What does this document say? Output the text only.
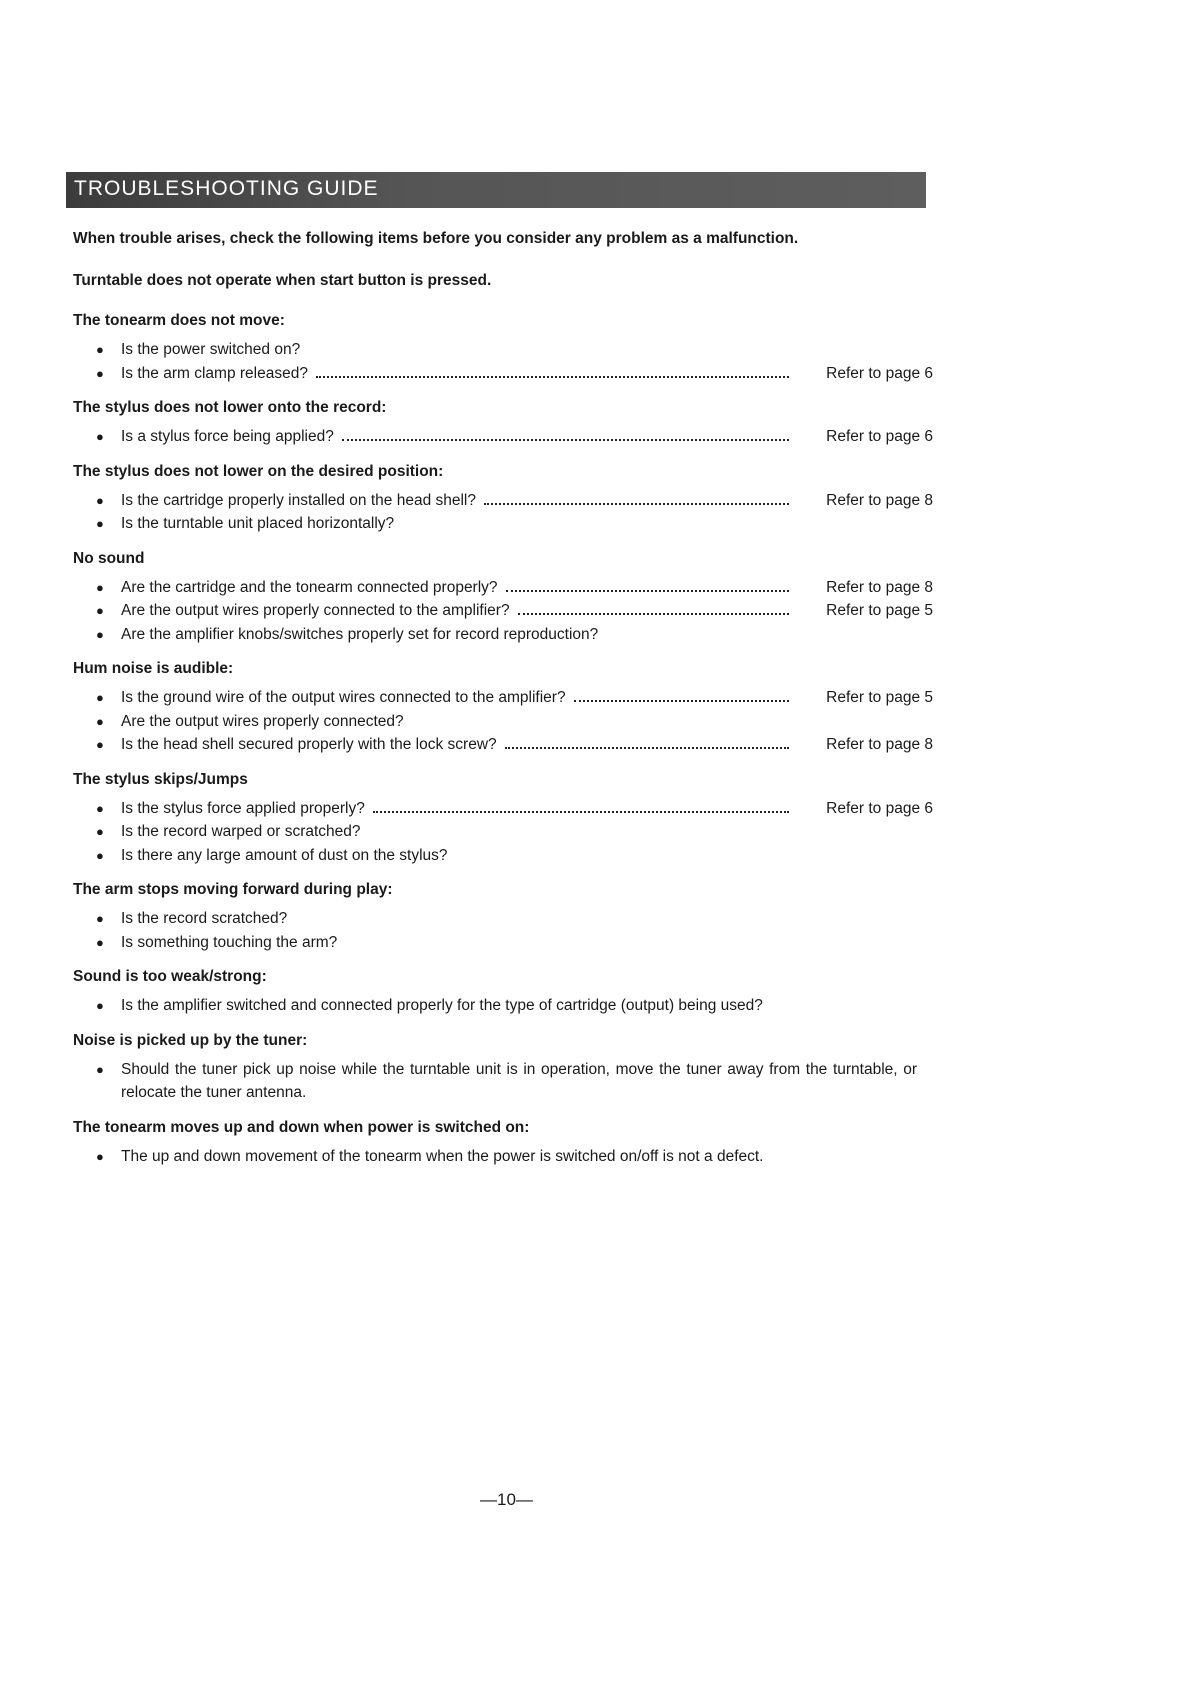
TROUBLESHOOTING GUIDE

When trouble arises, check the following items before you consider any problem as a malfunction.

Turntable does not operate when start button is pressed.

The tonearm does not move:

●	Is the power switched on?
●	Is the arm clamp released?	Refer to page 6

The stylus does not lower onto the record:

●	Is a stylus force being applied?	Refer to page 6

The stylus does not lower on the desired position:

●	Is the cartridge properly installed on the head shell?	Refer to page 8
●	Is the turntable unit placed horizontally?

No sound

●	Are the cartridge and the tonearm connected properly?	Refer to page 8
●	Are the output wires properly connected to the amplifier?	Refer to page 5
●	Are the amplifier knobs/switches properly set for record reproduction?

Hum noise is audible:

●	Is the ground wire of the output wires connected to the amplifier?	Refer to page 5
●	Are the output wires properly connected?
●	Is the head shell secured properly with the lock screw?	Refer to page 8

The stylus skips/Jumps

●	Is the stylus force applied properly?	Refer to page 6
●	Is the record warped or scratched?
●	Is there any large amount of dust on the stylus?

The arm stops moving forward during play:

●	Is the record scratched?
●	Is something touching the arm?

Sound is too weak/strong:

●	Is the amplifier switched and connected properly for the type of cartridge (output) being used?

Noise is picked up by the tuner:

●	Should the tuner pick up noise while the turntable unit is in operation, move the tuner away from the turntable, or relocate the tuner antenna.

The tonearm moves up and down when power is switched on:

●	The up and down movement of the tonearm when the power is switched on/off is not a defect.
—10—
